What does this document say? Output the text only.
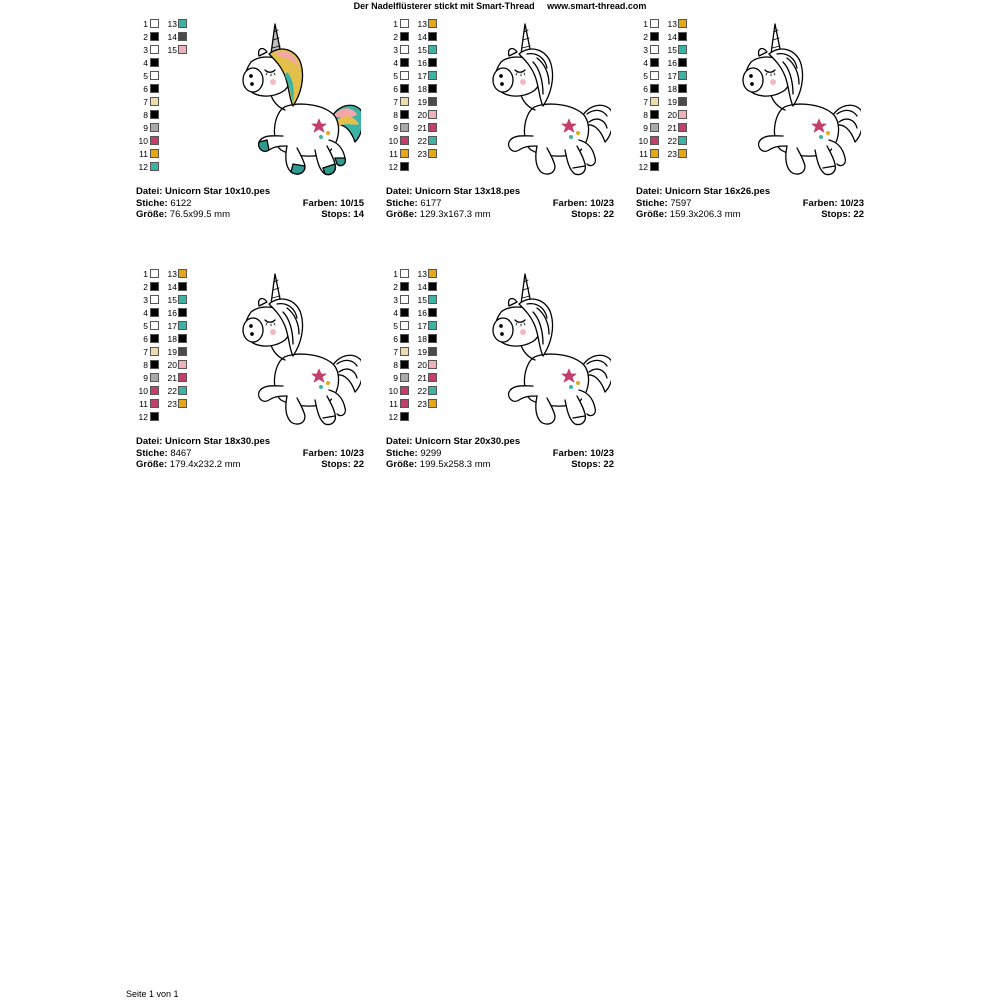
Der Nadelflüsterer stickt mit Smart-Thread     www.smart-thread.com
1
2
3
4
5
6
7
8
9
10
11
12
13
14
15
Datei: Unicorn Star 10x10.pes
Stiche: 6122	Farben: 10/15
Größe: 76.5x99.5 mm	Stops: 14
1
2
3
4
5
6
7
8
9
10
11
12
13
14
15
16
17
18
19
20
21
22
23
Datei: Unicorn Star 13x18.pes
Stiche: 6177	Farben: 10/23
Größe: 129.3x167.3 mm	Stops: 22
1
2
3
4
5
6
7
8
9
10
11
12
13
14
15
16
17
18
19
20
21
22
23
Datei: Unicorn Star 16x26.pes
Stiche: 7597	Farben: 10/23
Größe: 159.3x206.3 mm	Stops: 22
1
2
3
4
5
6
7
8
9
10
11
12
13
14
15
16
17
18
19
20
21
22
23
Datei: Unicorn Star 18x30.pes
Stiche: 8467	Farben: 10/23
Größe: 179.4x232.2 mm	Stops: 22
1
2
3
4
5
6
7
8
9
10
11
12
13
14
15
16
17
18
19
20
21
22
23
Datei: Unicorn Star 20x30.pes
Stiche: 9299	Farben: 10/23
Größe: 199.5x258.3 mm	Stops: 22
Seite 1 von 1
